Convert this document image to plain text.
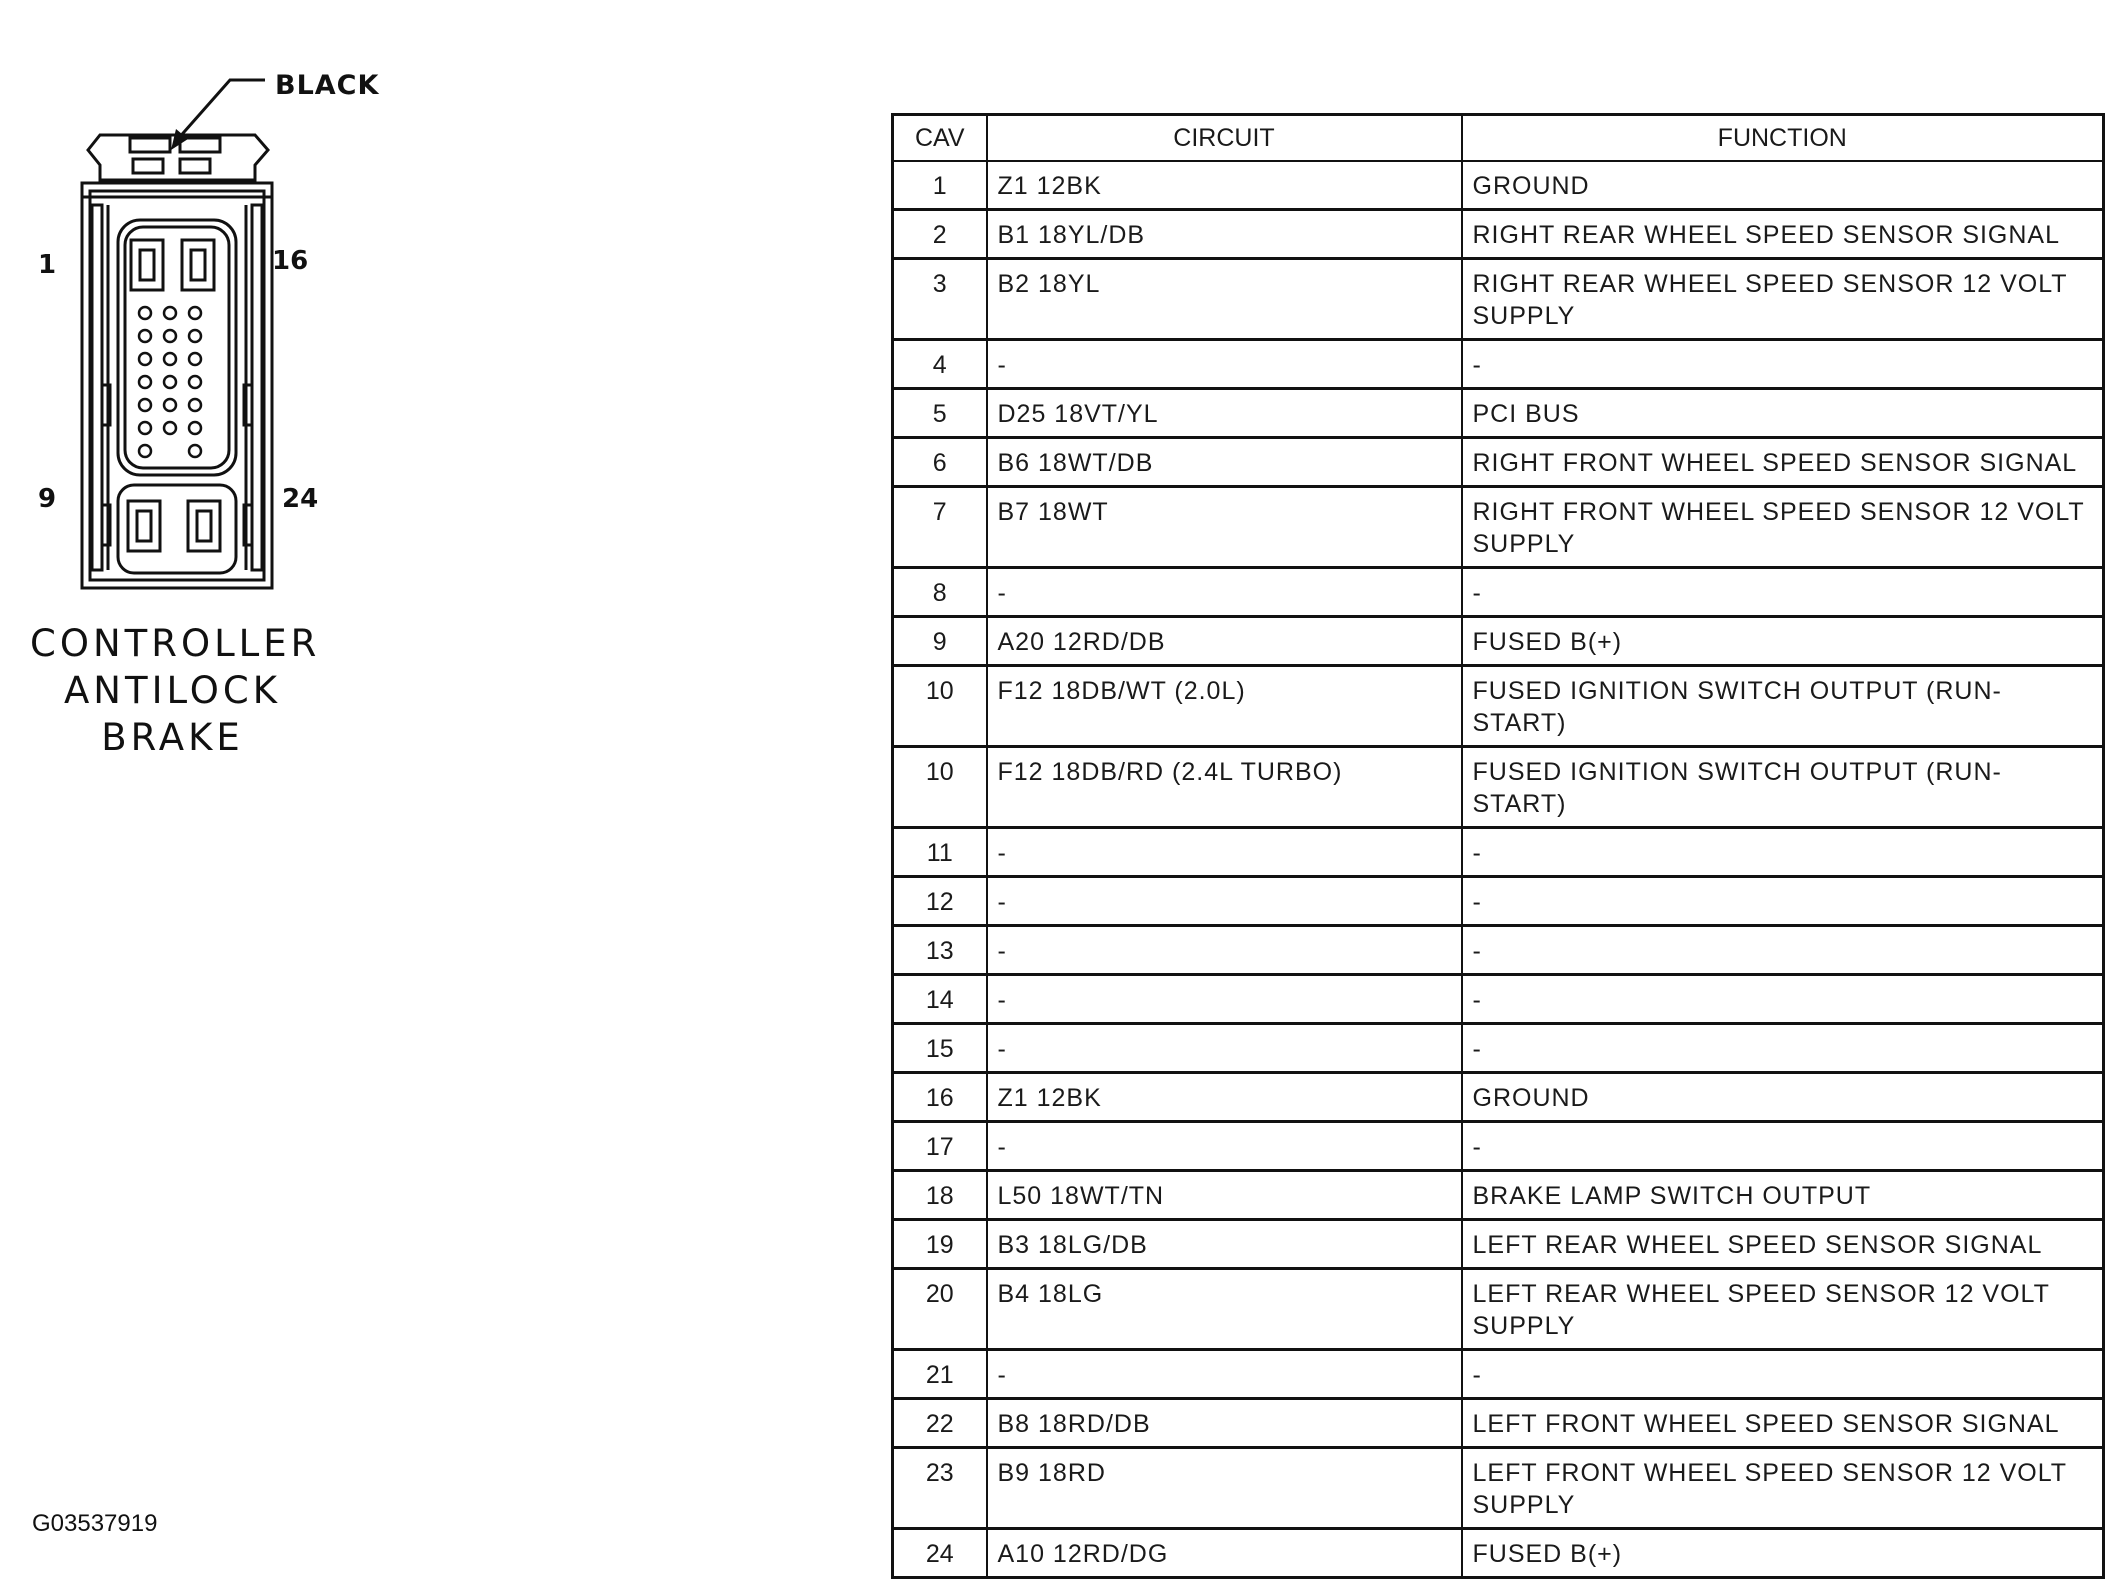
BLACK
1	16
9	24
CONTROLLER
ANTILOCK
BRAKE
CAV	CIRCUIT	FUNCTION
1	Z1 12BK	GROUND
2	B1 18YL/DB	RIGHT REAR WHEEL SPEED SENSOR SIGNAL
3	B2 18YL	RIGHT REAR WHEEL SPEED SENSOR 12 VOLT SUPPLY
4	-	-
5	D25 18VT/YL	PCI BUS
6	B6 18WT/DB	RIGHT FRONT WHEEL SPEED SENSOR SIGNAL
7	B7 18WT	RIGHT FRONT WHEEL SPEED SENSOR 12 VOLT SUPPLY
8	-	-
9	A20 12RD/DB	FUSED B(+)
10	F12 18DB/WT (2.0L)	FUSED IGNITION SWITCH OUTPUT (RUN-START)
10	F12 18DB/RD (2.4L TURBO)	FUSED IGNITION SWITCH OUTPUT (RUN-START)
11	-	-
12	-	-
13	-	-
14	-	-
15	-	-
16	Z1 12BK	GROUND
17	-	-
18	L50 18WT/TN	BRAKE LAMP SWITCH OUTPUT
19	B3 18LG/DB	LEFT REAR WHEEL SPEED SENSOR SIGNAL
20	B4 18LG	LEFT REAR WHEEL SPEED SENSOR 12 VOLT SUPPLY
21	-	-
22	B8 18RD/DB	LEFT FRONT WHEEL SPEED SENSOR SIGNAL
23	B9 18RD	LEFT FRONT WHEEL SPEED SENSOR 12 VOLT SUPPLY
24	A10 12RD/DG	FUSED B(+)
G03537919
